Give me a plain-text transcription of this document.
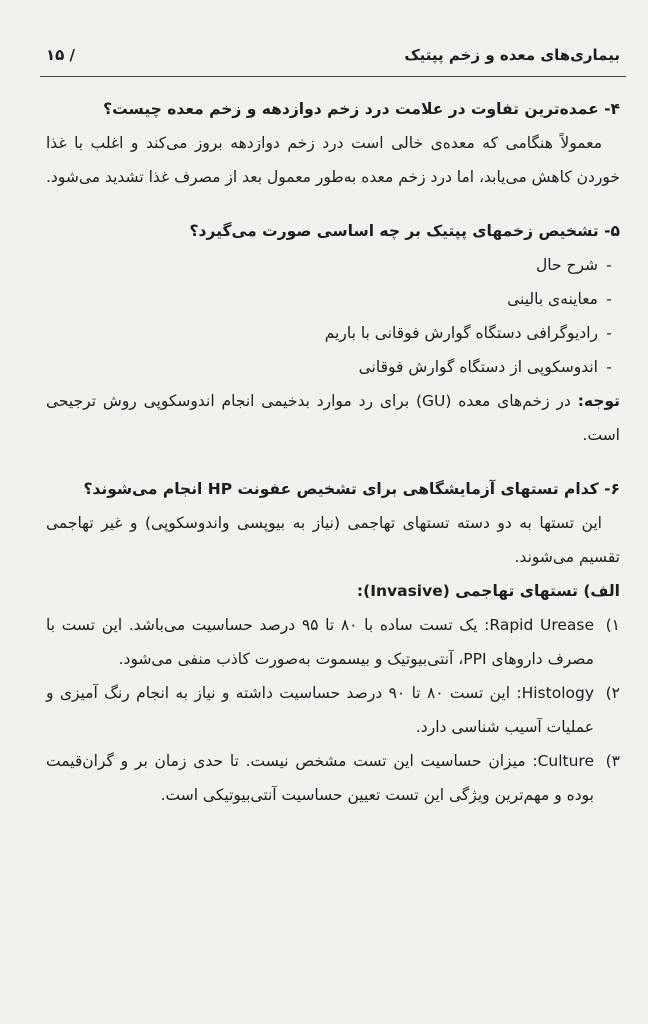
بیماری‌های معده و زخم پپتیک
/ ۱۵

۴- عمده‌ترین تفاوت در علامت درد زخم دوازدهه و زخم معده چیست؟

معمولاً هنگامی که معده‌ی خالی است درد زخم دوازدهه بروز می‌کند و اغلب با غذا خوردن کاهش می‌یابد، اما درد زخم معده به‌طور معمول بعد از مصرف غذا تشدید می‌شود.

۵- تشخیص زخمهای پپتیک بر چه اساسی صورت می‌گیرد؟

-
شرح حال
-
معاینه‌ی بالینی
-
رادیوگرافی دستگاه گوارش فوقانی با باریم
-
اندوسکوپی از دستگاه گوارش فوقانی

توجه: در زخم‌های معده (GU) برای رد موارد بدخیمی انجام اندوسکوپی روش ترجیحی است.

۶- کدام تستهای آزمایشگاهی برای تشخیص عفونت HP انجام می‌شوند؟

این تستها به دو دسته تستهای تهاجمی (نیاز به بیوپسی واندوسکوپی) و غیر تهاجمی تقسیم می‌شوند.

الف) تستهای تهاجمی (Invasive):

۱)
Rapid Urease: یک تست ساده با ۸۰ تا ۹۵ درصد حساسیت می‌باشد. این تست با مصرف داروهای PPI، آنتی‌بیوتیک و بیسموت به‌صورت کاذب منفی می‌شود.
۲)
Histology: این تست ۸۰ تا ۹۰ درصد حساسیت داشته و نیاز به انجام رنگ آمیزی و عملیات آسیب شناسی دارد.
۳)
Culture: میزان حساسیت این تست مشخص نیست. تا حدی زمان بر و گران‌قیمت بوده و مهم‌ترین ویژگی این تست تعیین حساسیت آنتی‌بیوتیکی است.
